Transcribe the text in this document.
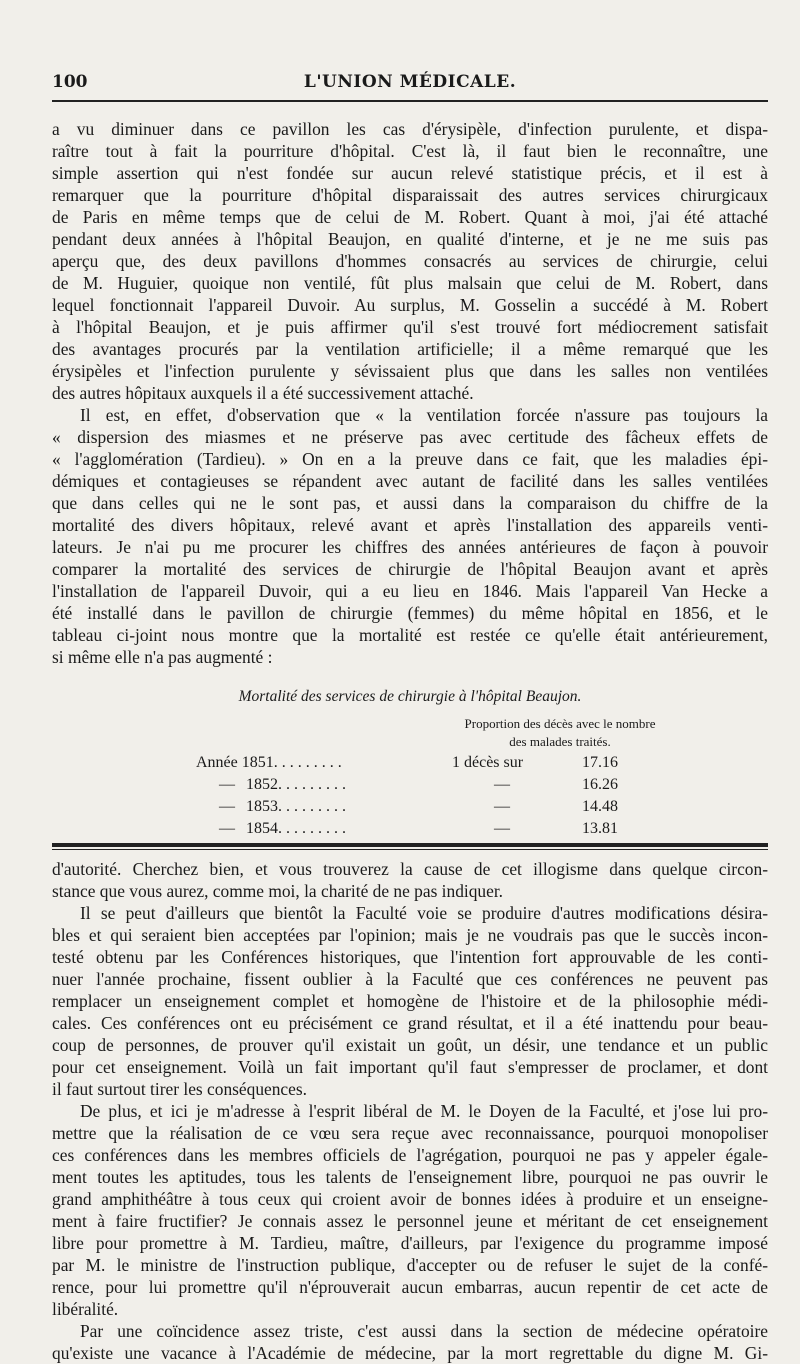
100	L'UNION MÉDICALE.
a vu diminuer dans ce pavillon les cas d'érysipèle, d'infection purulente, et dispa-
raître tout à fait la pourriture d'hôpital. C'est là, il faut bien le reconnaître, une
simple assertion qui n'est fondée sur aucun relevé statistique précis, et il est à
remarquer que la pourriture d'hôpital disparaissait des autres services chirurgicaux
de Paris en même temps que de celui de M. Robert. Quant à moi, j'ai été attaché
pendant deux années à l'hôpital Beaujon, en qualité d'interne, et je ne me suis pas
aperçu que, des deux pavillons d'hommes consacrés au services de chirurgie, celui
de M. Huguier, quoique non ventilé, fût plus malsain que celui de M. Robert, dans
lequel fonctionnait l'appareil Duvoir. Au surplus, M. Gosselin a succédé à M. Robert
à l'hôpital Beaujon, et je puis affirmer qu'il s'est trouvé fort médiocrement satisfait
des avantages procurés par la ventilation artificielle; il a même remarqué que les
érysipèles et l'infection purulente y sévissaient plus que dans les salles non ventilées
des autres hôpitaux auxquels il a été successivement attaché.
Il est, en effet, d'observation que « la ventilation forcée n'assure pas toujours la
« dispersion des miasmes et ne préserve pas avec certitude des fâcheux effets de
« l'agglomération (Tardieu). » On en a la preuve dans ce fait, que les maladies épi-
démiques et contagieuses se répandent avec autant de facilité dans les salles ventilées
que dans celles qui ne le sont pas, et aussi dans la comparaison du chiffre de la
mortalité des divers hôpitaux, relevé avant et après l'installation des appareils venti-
lateurs. Je n'ai pu me procurer les chiffres des années antérieures de façon à pouvoir
comparer la mortalité des services de chirurgie de l'hôpital Beaujon avant et après
l'installation de l'appareil Duvoir, qui a eu lieu en 1846. Mais l'appareil Van Hecke a
été installé dans le pavillon de chirurgie (femmes) du même hôpital en 1856, et le
tableau ci-joint nous montre que la mortalité est restée ce qu'elle était antérieurement,
si même elle n'a pas augmenté :
Mortalité des services de chirurgie à l'hôpital Beaujon.
Proportion des décès avec le nombre
des malades traités.
Année 1851. . . . . . . . .	1 décès sur	17.16
— 1852. . . . . . . . .	—	16.26
— 1853. . . . . . . . .	—	14.48
— 1854. . . . . . . . .	—	13.81
d'autorité. Cherchez bien, et vous trouverez la cause de cet illogisme dans quelque circon-
stance que vous aurez, comme moi, la charité de ne pas indiquer.
Il se peut d'ailleurs que bientôt la Faculté voie se produire d'autres modifications désira-
bles et qui seraient bien acceptées par l'opinion; mais je ne voudrais pas que le succès incon-
testé obtenu par les Conférences historiques, que l'intention fort approuvable de les conti-
nuer l'année prochaine, fissent oublier à la Faculté que ces conférences ne peuvent pas
remplacer un enseignement complet et homogène de l'histoire et de la philosophie médi-
cales. Ces conférences ont eu précisément ce grand résultat, et il a été inattendu pour beau-
coup de personnes, de prouver qu'il existait un goût, un désir, une tendance et un public
pour cet enseignement. Voilà un fait important qu'il faut s'empresser de proclamer, et dont
il faut surtout tirer les conséquences.
De plus, et ici je m'adresse à l'esprit libéral de M. le Doyen de la Faculté, et j'ose lui pro-
mettre que la réalisation de ce vœu sera reçue avec reconnaissance, pourquoi monopoliser
ces conférences dans les membres officiels de l'agrégation, pourquoi ne pas y appeler égale-
ment toutes les aptitudes, tous les talents de l'enseignement libre, pourquoi ne pas ouvrir le
grand amphithéâtre à tous ceux qui croient avoir de bonnes idées à produire et un enseigne-
ment à faire fructifier? Je connais assez le personnel jeune et méritant de cet enseignement
libre pour promettre à M. Tardieu, maître, d'ailleurs, par l'exigence du programme imposé
par M. le ministre de l'instruction publique, d'accepter ou de refuser le sujet de la confé-
rence, pour lui promettre qu'il n'éprouverait aucun embarras, aucun repentir de cet acte de
libéralité.
Par une coïncidence assez triste, c'est aussi dans la section de médecine opératoire
qu'existe une vacance à l'Académie de médecine, par la mort regrettable du digne M. Gi-
